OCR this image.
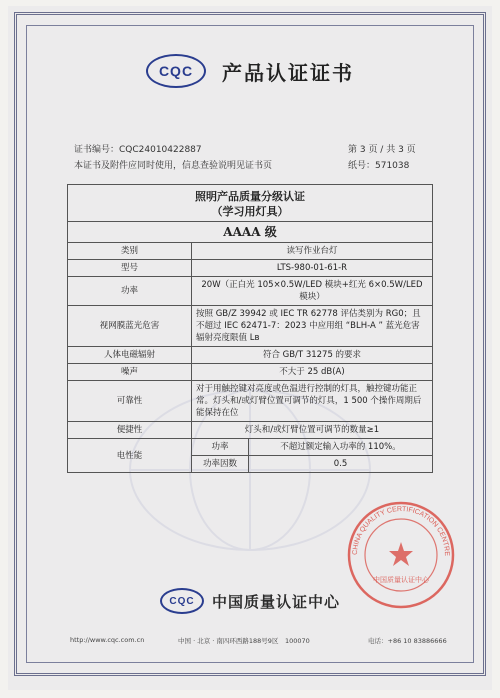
CQC	产品认证证书
证书编号：CQC24010422887	第 3 页 / 共 3 页
本证书及附件应同时使用，信息查验说明见证书页	纸号：571038
照明产品质量分级认证
（学习用灯具）		

AAAA 级		
类别	读写作业台灯	
型号	LTS-980-01-61-R	
功率	20W（正白光 105×0.5W/LED 模块+红光 6×0.5W/LED 模块）	
视网膜蓝光危害	按照 GB/Z 39942 或 IEC TR 62778 评估类别为 RG0；且不超过 IEC 62471-7：2023 中应用组 “BLH-A ” 蓝光危害辐射亮度限值 Lв	
人体电磁辐射	符合 GB/T 31275 的要求	
噪声	不大于 25 dB(A)	
可靠性	对于用触控键对亮度或色温进行控制的灯具，触控键功能正常。灯头和/或灯臂位置可调节的灯具，1 500 个操作周期后能保持在位	
便捷性	灯头和/或灯臂位置可调节的数量≥1	
电性能	功率	不超过额定输入功率的 110%。
	功率因数	0.5
CHINA QUALITY CERTIFICATION CENTRE
中国质量认证中心
CQC	中国质量认证中心
http://www.cqc.com.cn	中国 · 北京 · 南四环西路188号9区　100070	电话：+86 10 83886666
